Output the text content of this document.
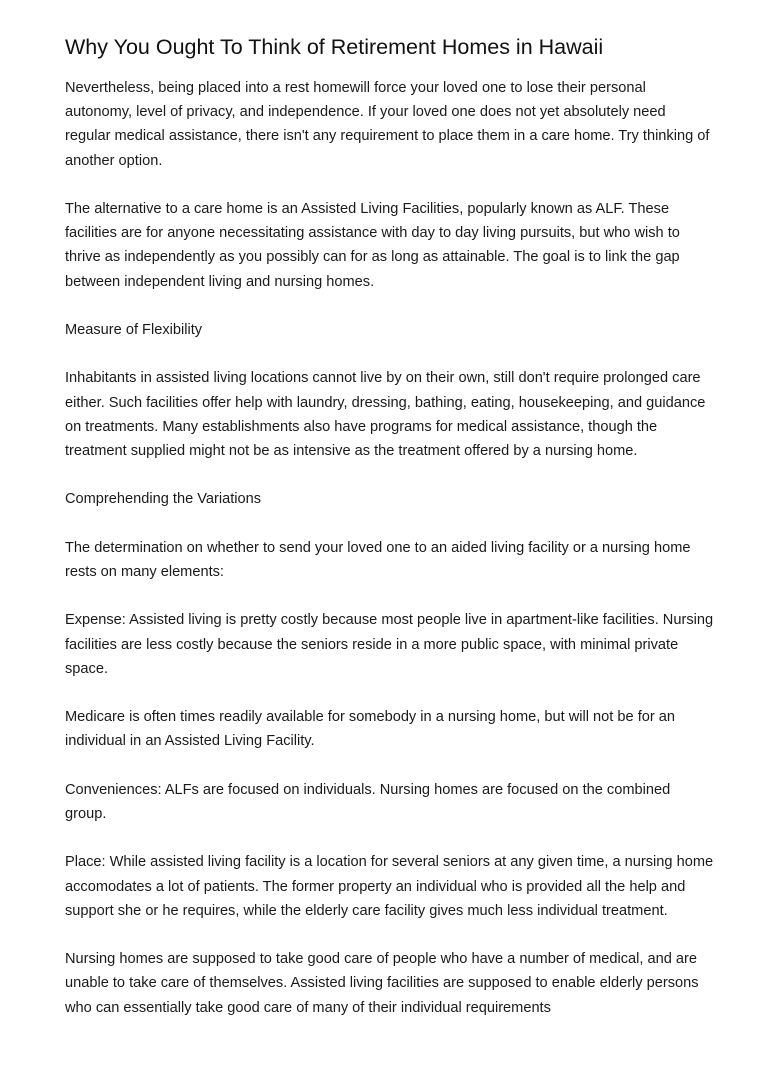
Why You Ought To Think of Retirement Homes in Hawaii

Nevertheless, being placed into a rest homewill force your loved one to lose their personal autonomy, level of privacy, and independence. If your loved one does not yet absolutely need regular medical assistance, there isn't any requirement to place them in a care home. Try thinking of another option.

The alternative to a care home is an Assisted Living Facilities, popularly known as ALF. These facilities are for anyone necessitating assistance with day to day living pursuits, but who wish to thrive as independently as you possibly can for as long as attainable. The goal is to link the gap between independent living and nursing homes.

Measure of Flexibility

Inhabitants in assisted living locations cannot live by on their own, still don't require prolonged care either. Such facilities offer help with laundry, dressing, bathing, eating, housekeeping, and guidance on treatments. Many establishments also have programs for medical assistance, though the treatment supplied might not be as intensive as the treatment offered by a nursing home.

Comprehending the Variations

The determination on whether to send your loved one to an aided living facility or a nursing home rests on many elements:

Expense: Assisted living is pretty costly because most people live in apartment-like facilities. Nursing facilities are less costly because the seniors reside in a more public space, with minimal private space.

Medicare is often times readily available for somebody in a nursing home, but will not be for an individual in an Assisted Living Facility.

Conveniences: ALFs are focused on individuals. Nursing homes are focused on the combined group.

Place: While assisted living facility is a location for several seniors at any given time, a nursing home accomodates a lot of patients. The former property an individual who is provided all the help and support she or he requires, while the elderly care facility gives much less individual treatment.

Nursing homes are supposed to take good care of people who have a number of medical, and are unable to take care of themselves. Assisted living facilities are supposed to enable elderly persons who can essentially take good care of many of their individual requirements
